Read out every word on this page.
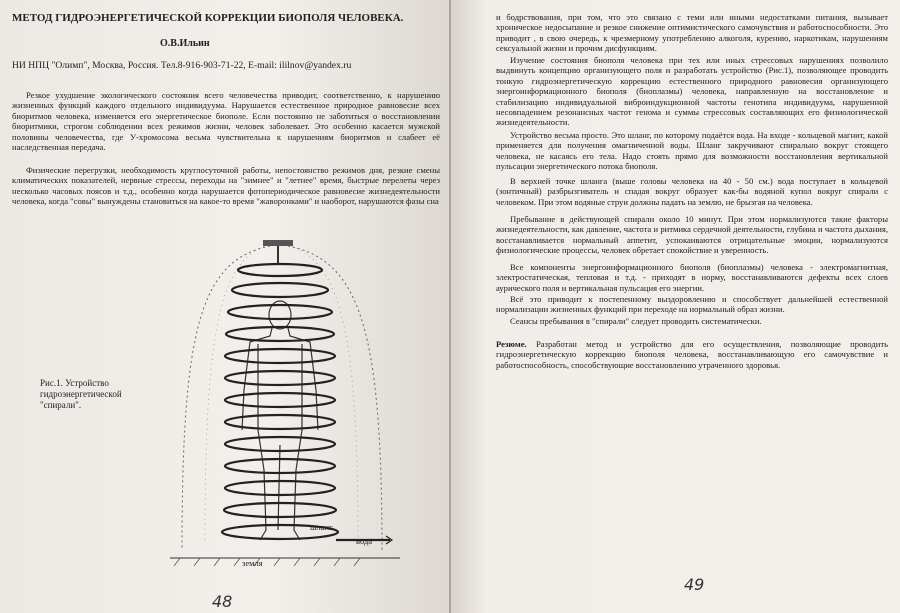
МЕТОД ГИДРОЭНЕРГЕТИЧЕСКОЙ КОРРЕКЦИИ БИОПОЛЯ ЧЕЛОВЕКА.
О.В.Ильин
НИ НПЦ "Олимп", Москва, Россия. Тел.8-916-903-71-22, E-mail: ililnov@yandex.ru

Резкое ухудшение экологического состояния всего человечества приводит, соответственно, к нарушению жизненных функций каждого отдельного индивидуума. Нарушается естественное природное равновесие всех биоритмов человека, изменяется его энергетическое биополе. Если постоянно не заботиться о восстановлении биоритмики, строгом соблюдении всех режимов жизни, человек заболевает. Это особенно касается мужской половины человечества, где У-хромосома весьма чувствительна к нарушениям биоритмов и слабеет её наследственная передача.

Физические перегрузки, необходимость круглосуточной работы, непостоянство режимов дня, резкие смены климатических показателей, нервные стрессы, переходы на "зимнее" и "летнее" время, быстрые перелеты через несколько часовых поясов и т.д., особенно когда нарушается фотопериодическое равновесие жизнедеятельности человека, когда "совы" вынуждены становиться на какое-то время "жаворонками" и наоборот, нарушаются фазы сна

Рис.1. Устройство гидроэнергетической "спирали".
шланг
вода
земля
48

и бодрствования, при том, что это связано с теми или иными недостатками питания, вызывает хроническое недосыпание и резкое снижение оптимистического самочувствия и работоспособности. Это приводит , в свою очередь, к чрезмерному употреблению алкоголя, курению, наркотикам, нарушениям сексуальной жизни и прочим дисфункциям.

Изучение состояния биополя человека при тех или иных стрессовых нарушениях позволило выдвинуть концепцию организующего поля и разработать устройство (Рис.1), позволяющее проводить тонкую гидроэнергетическую коррекцию естественного природного равновесия организующего энергоинформационного биополя (биоплазмы) человека, направленную на восстановление и стабилизацию индивидуальной виброиндукционной частоты генотипа индивидуума, нарушенной несовпадением резонансных частот генома и суммы стрессовых составляющих его физиологической жизнедеятельности.

Устройство весьма просто. Это шланг, по которому подаётся вода. На входе - кольцевой магнит, какой применяется для получения омагниченной воды. Шланг закручивают спирально вокруг стоящего человека, не касаясь его тела. Надо стоять прямо для возможности восстановления вертикальной пульсации энергетического потока биополя.

В верхней точке шланга (выше головы человека на 40 - 50 см.) вода поступает в кольцевой (зонтичный) разбрызгиватель и спадая вокруг образует как-бы водяной купол вокруг спирали с человеком. При этом водяные струи должны падать на землю, не брызгая на человека.

Пребывание в действующей спирали около 10 минут. При этом нормализуются такие факторы жизнедеятельности, как давление, частота и ритмика сердечной деятельности, глубина и частота дыхания, восстанавливается нормальный аппетит, успокаиваются отрицательные эмоции, нормализуются физиологические процессы, человек обретает спокойствие и уверенность.

Все компоненты энергоинформационного биополя (биоплазмы) человека - электромагнитная, электростатическая, тепловая и т.д. - приходят в норму, восстанавливаются дефекты всех слоев аурического поля и вертикальная пульсация его энергии.

Всё это приводит к постепенному выздоровлению и способствует дальнейшей естественной нормализации жизненных функций при переходе на нормальный образ жизни.

Сеансы пребывания в "спирали" следует проводить систематически.

Резюме. Разработан метод и устройство для его осуществления, позволяющие проводить гидроэнергетическую коррекцию биополя человека, восстанавливающую его самочувствие и работоспособность, способствующие восстановлению утраченного здоровья.

49
